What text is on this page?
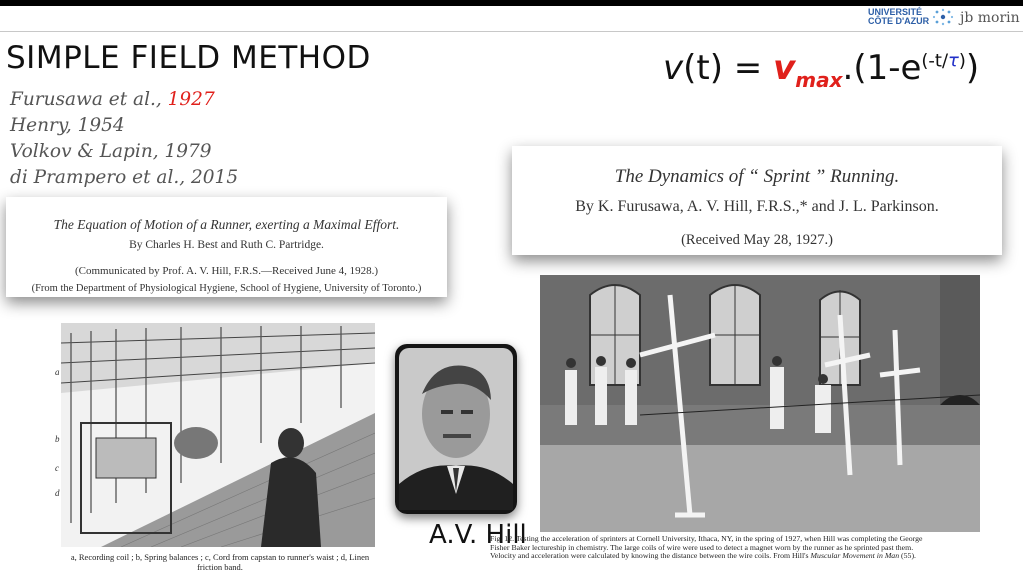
UNIVERSITÉ
CÔTE D'AZUR jb morin
SIMPLE FIELD METHOD
Furusawa et al., 1927
Henry, 1954
Volkov & Lapin, 1979
di Prampero et al., 2015
$v(t) = v_{max}.(1-e^{(-t/\tau)})$
The Equation of Motion of a Runner, exerting a Maximal Effort.
By Charles H. Best and Ruth C. Partridge.
(Communicated by Prof. A. V. Hill, F.R.S.—Received June 4, 1928.)
(From the Department of Physiological Hygiene, School of Hygiene, University of Toronto.)
The Dynamics of “ Sprint ” Running.
By K. Furusawa, A. V. Hill, F.R.S.,* and J. L. Parkinson.
(Received May 28, 1927.)
a
b
c
d
a, Recording coil ; b, Spring balances ; c, Cord from capstan to runner's waist ; d, Linen
friction band.
A.V. Hill
Fig. 12. Testing the acceleration of sprinters at Cornell University, Ithaca, NY, in the spring of 1927, when Hill was completing the George Fisher Baker lectureship in chemistry. The large coils of wire were used to detect a magnet worn by the runner as he sprinted past them. Velocity and acceleration were calculated by knowing the distance between the wire coils. From Hill's Muscular Movement in Man (55).
